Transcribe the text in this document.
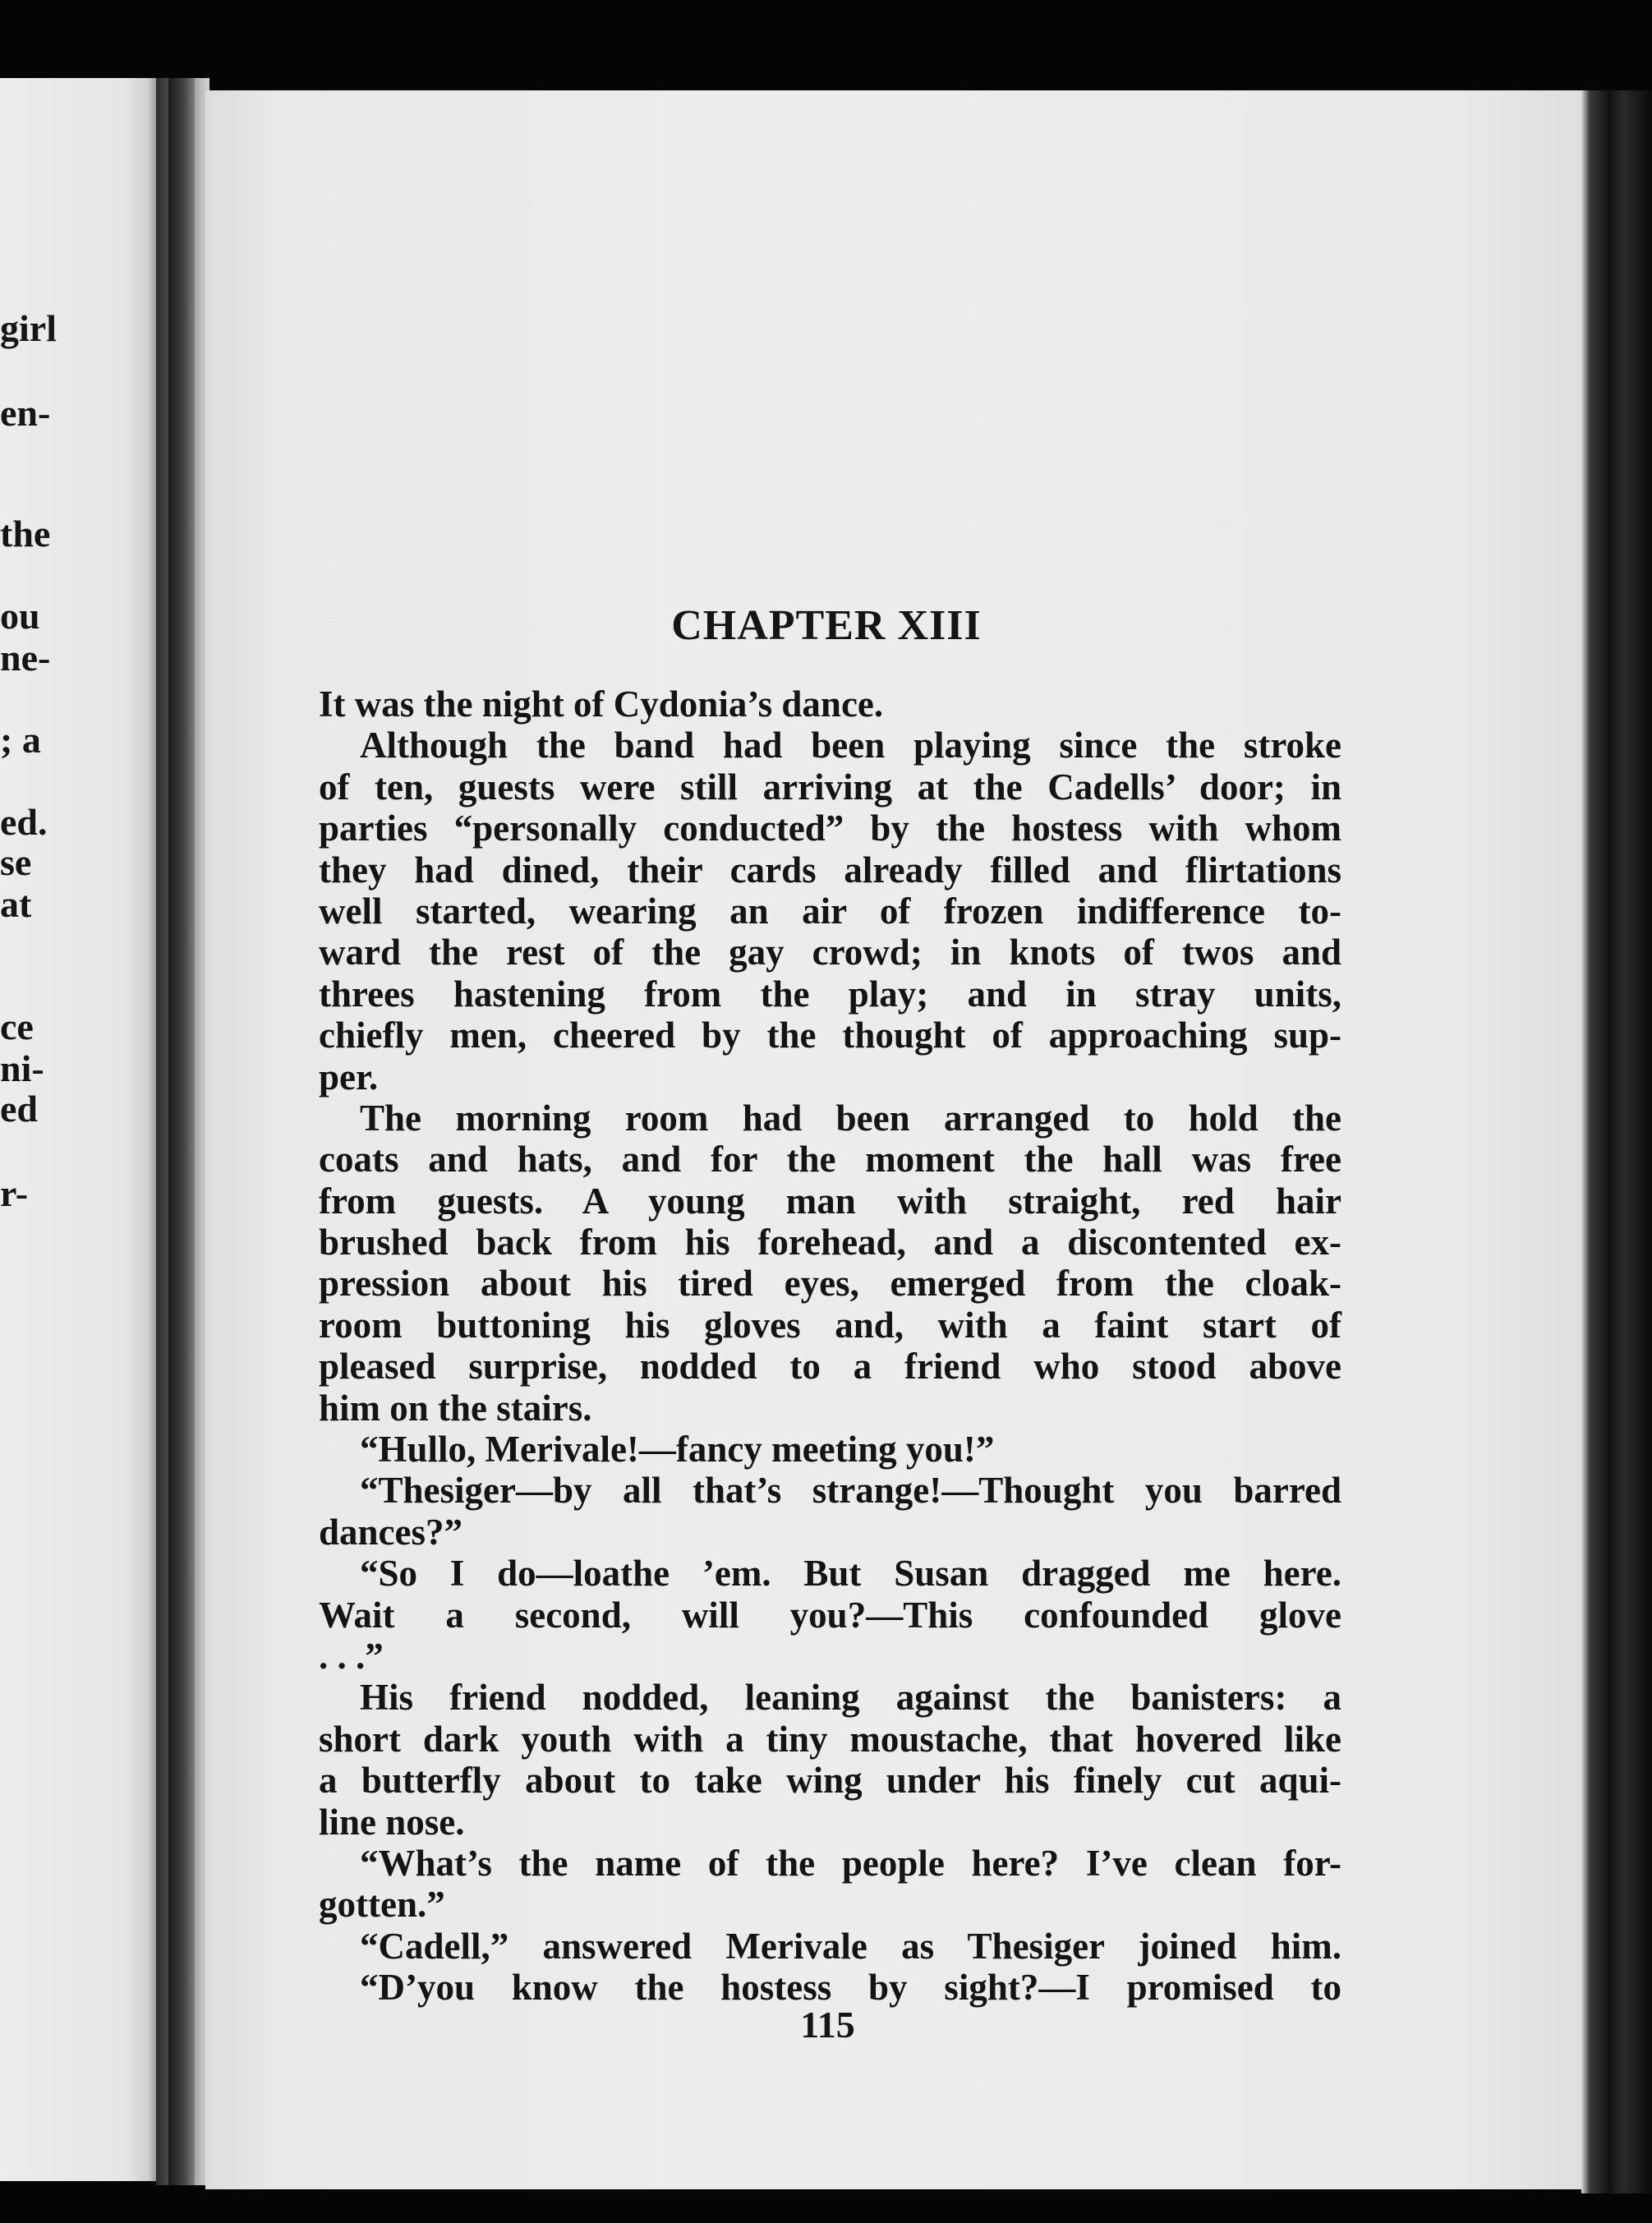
girl
en-
the
ou
ne-
; a
ed.
se
at
ce
ni-
ed
r-
CHAPTER XIII
It was the night of Cydonia’s dance.
Although the band had been playing since the stroke
of ten, guests were still arriving at the Cadells’ door; in
parties “personally conducted” by the hostess with whom
they had dined, their cards already filled and flirtations
well started, wearing an air of frozen indifference to-
ward the rest of the gay crowd; in knots of twos and
threes hastening from the play; and in stray units,
chiefly men, cheered by the thought of approaching sup-
per.
The morning room had been arranged to hold the
coats and hats, and for the moment the hall was free
from guests. A young man with straight, red hair
brushed back from his forehead, and a discontented ex-
pression about his tired eyes, emerged from the cloak-
room buttoning his gloves and, with a faint start of
pleased surprise, nodded to a friend who stood above
him on the stairs.
“Hullo, Merivale!—fancy meeting you!”
“Thesiger—by all that’s strange!—Thought you barred
dances?”
“So I do—loathe ’em. But Susan dragged me here.
Wait a second, will you?—This confounded glove
. . .”
His friend nodded, leaning against the banisters: a
short dark youth with a tiny moustache, that hovered like
a butterfly about to take wing under his finely cut aqui-
line nose.
“What’s the name of the people here? I’ve clean for-
gotten.”
“Cadell,” answered Merivale as Thesiger joined him.
“D’you know the hostess by sight?—I promised to
115
